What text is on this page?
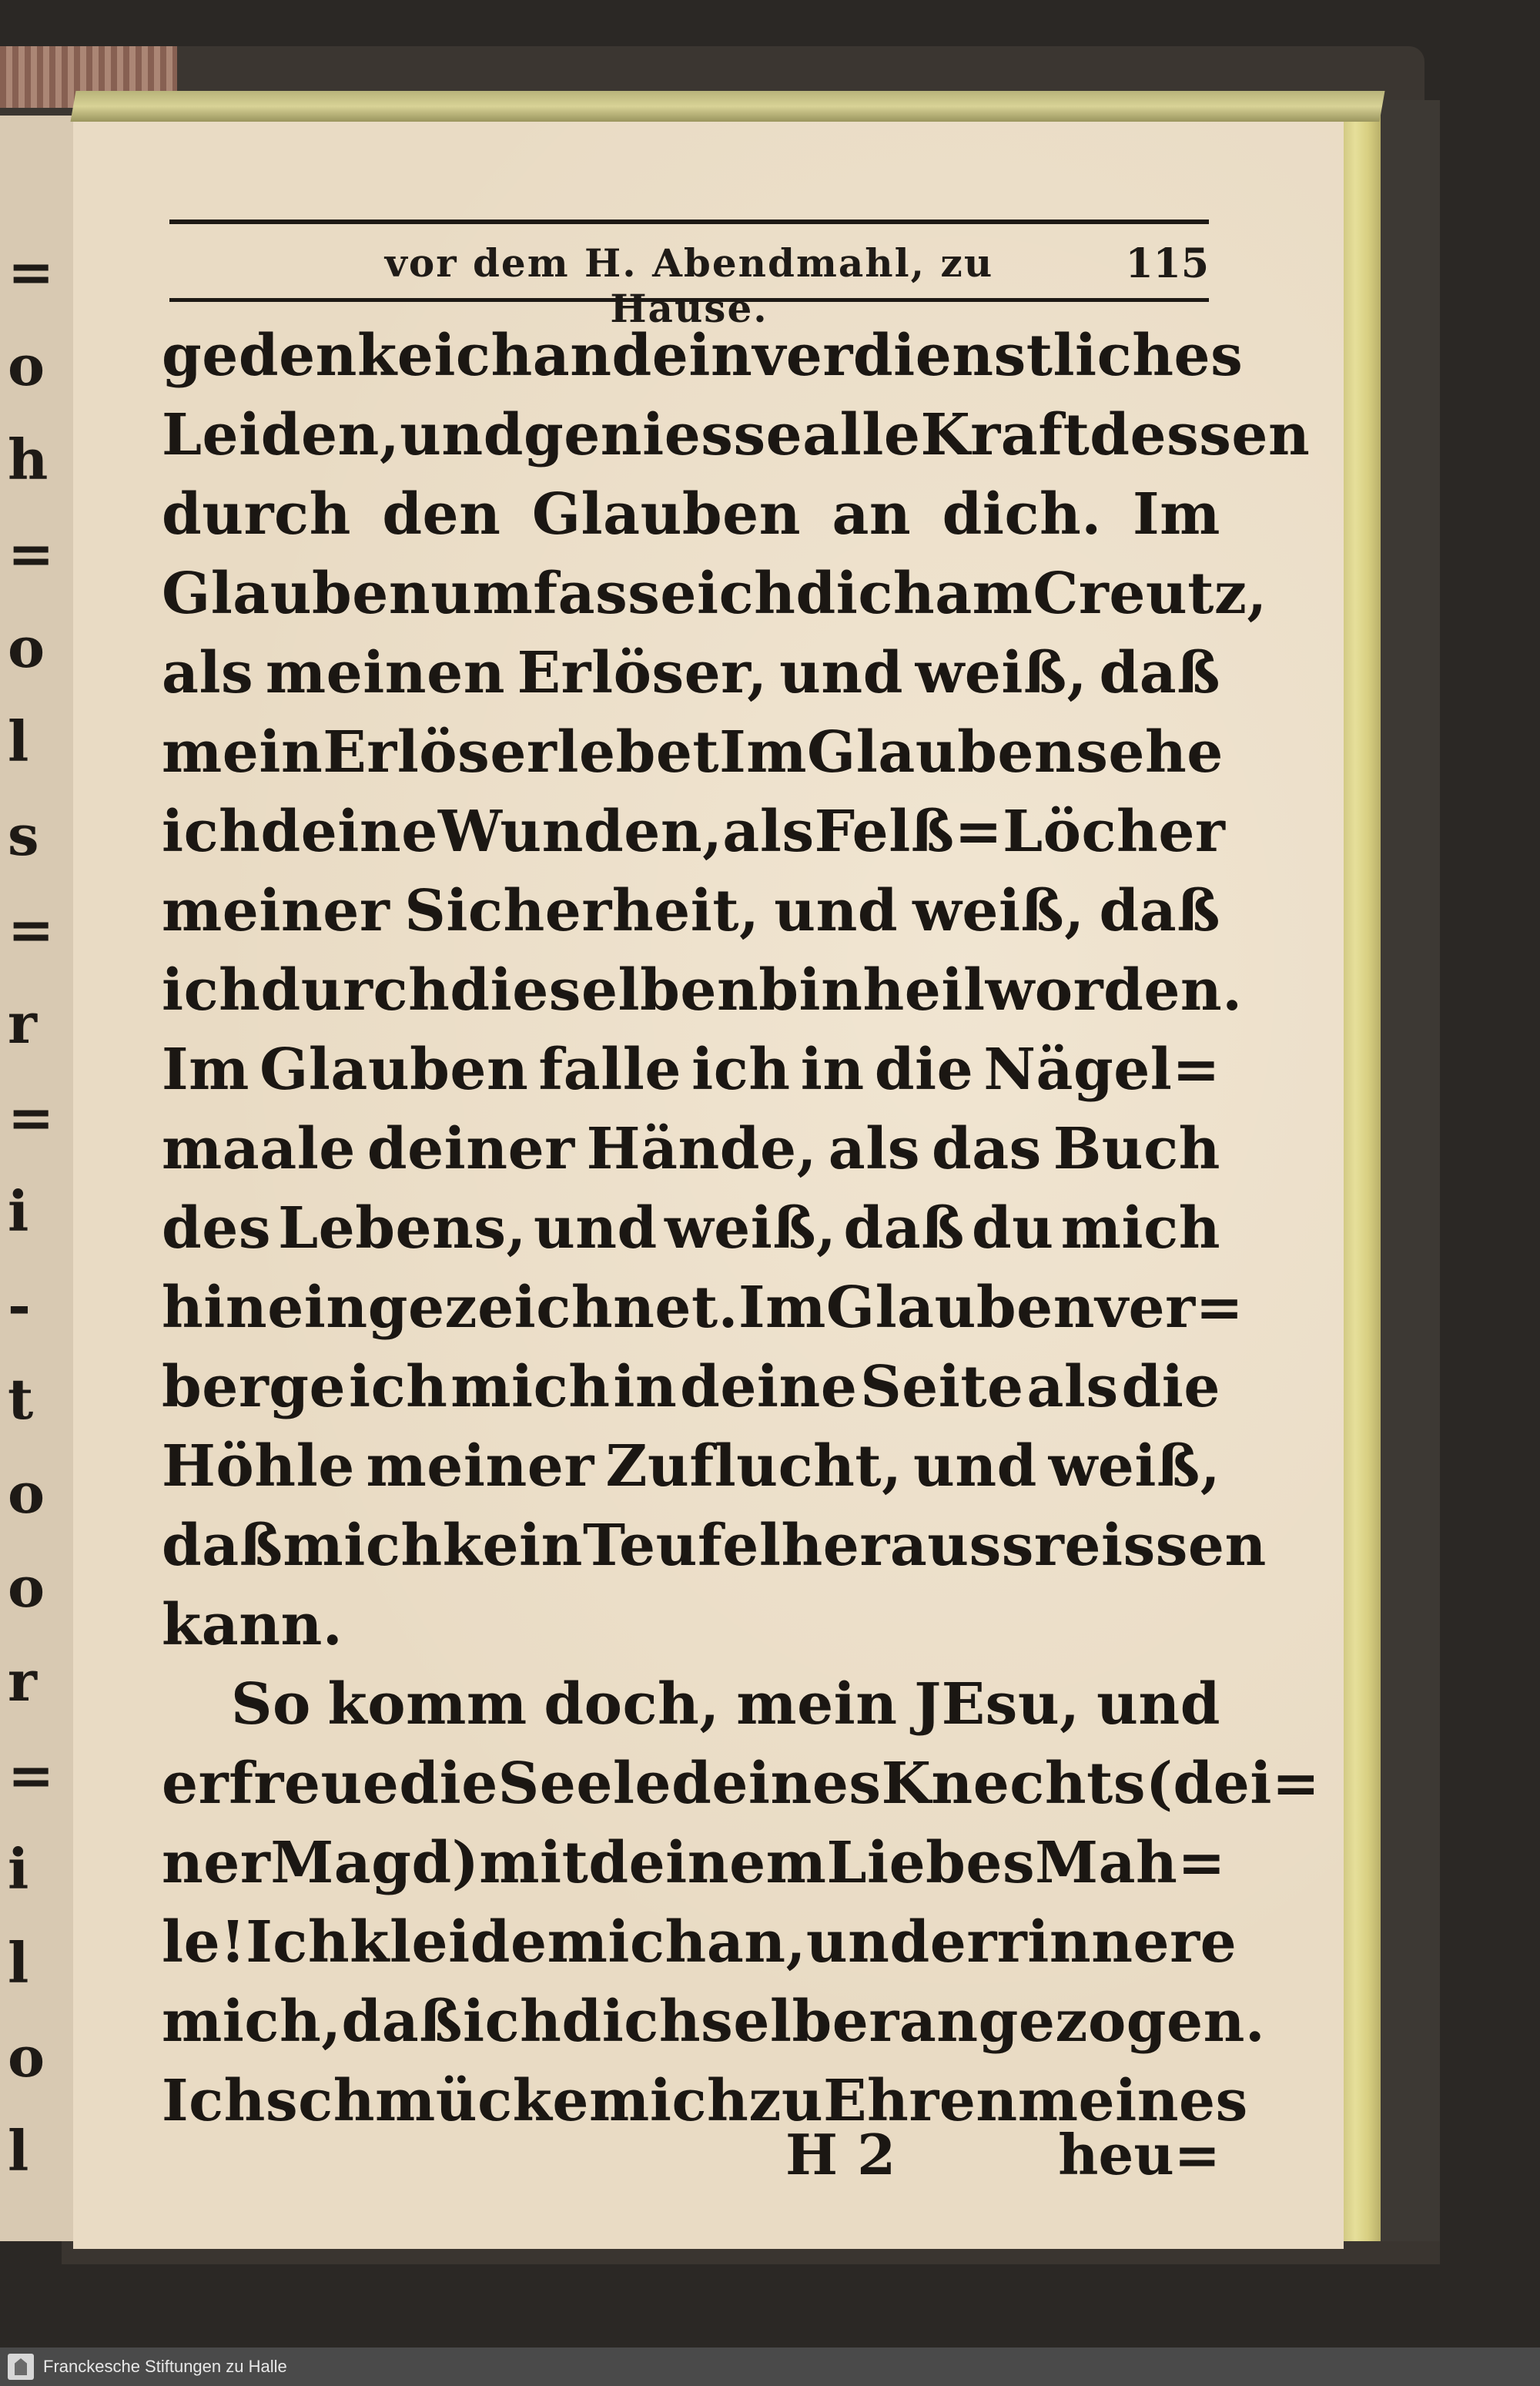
=
o
h
=
o
l
s
=
r
=
i
-
t
o
o
r
=
i
l
o
l
vor dem H. Abendmahl, zu Hause.
115
gedenke ich an dein verdienstliches
Leiden, und geniesse alle Kraft dessen
durch den Glauben an dich. Im
Glauben umfasse ich dich am Creutz,
als meinen Erlöser, und weiß, daß
mein Erlöser lebet Im Glauben sehe
ich deine Wunden, als Felß = Löcher
meiner Sicherheit, und weiß, daß
ich durch dieselben bin heil worden.
Im Glauben falle ich in die Nägel=
maale deiner Hände, als das Buch
des Lebens, und weiß, daß du mich
hinein gezeichnet. Im Glauben ver=
berge ich mich in deine Seite als die
Höhle meiner Zuflucht, und weiß,
daß mich kein Teufel heraussreissen
kann.
So komm doch, mein JEsu, und
erfreue die Seele deines Knechts (dei=
ner Magd) mit deinem Liebes Mah=
le! Ich kleide mich an, und errinnere
mich, daß ich dich selber angezogen.
Ich schmücke mich zu Ehren meines
H 2	heu=
Franckesche Stiftungen zu Halle
